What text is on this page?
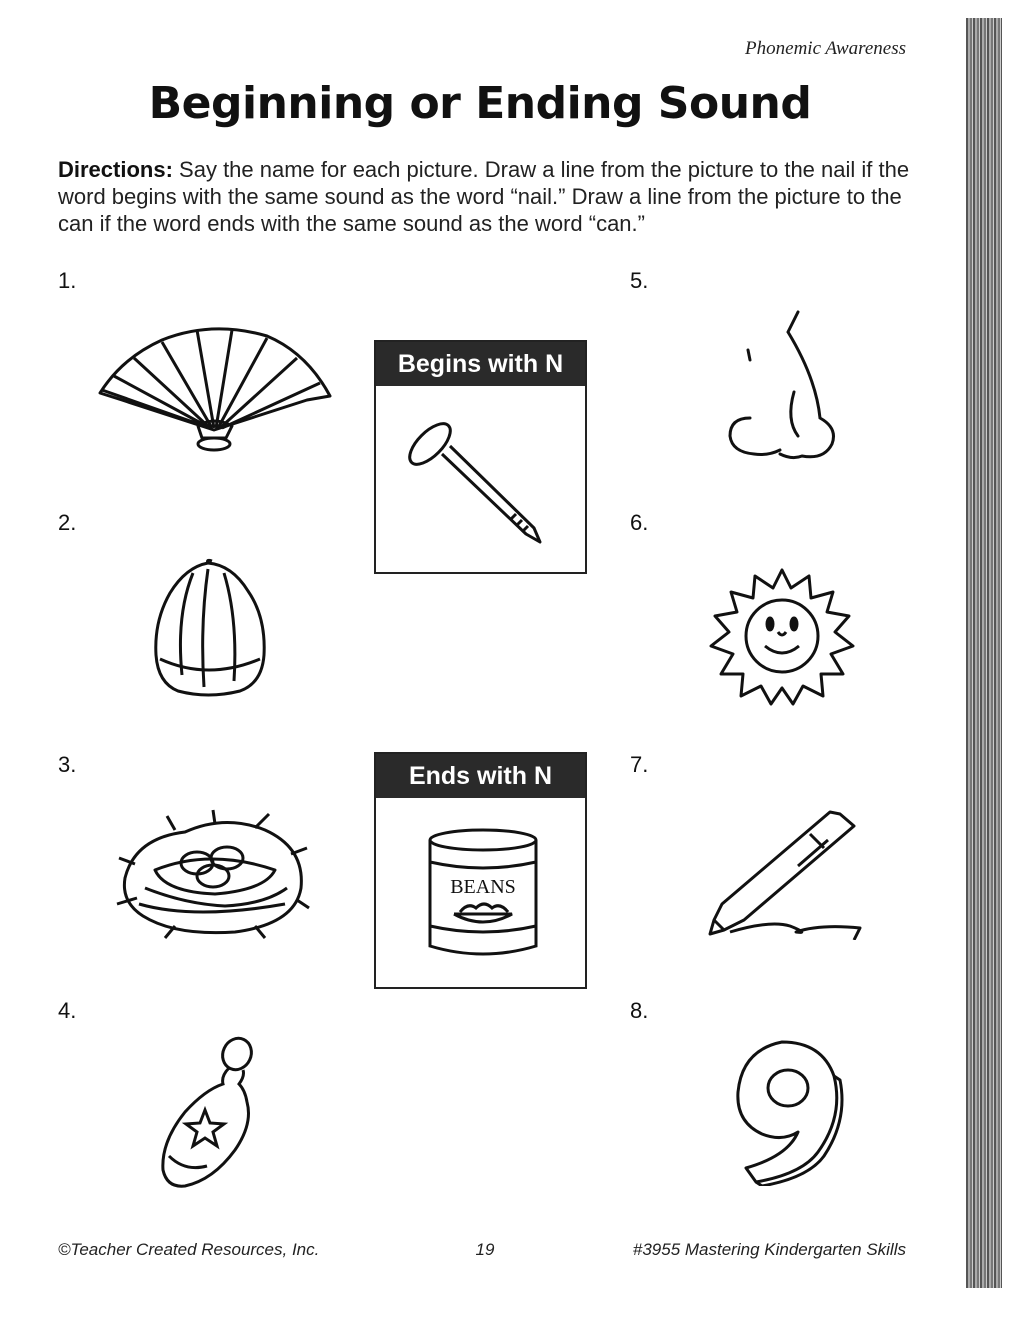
Phonemic Awareness
Beginning or Ending Sound
Directions: Say the name for each picture. Draw a line from the picture to the nail if the word begins with the same sound as the word “nail.” Draw a line from the picture to the can if the word ends with the same sound as the word “can.”
1.
2.
3.
4.
5.
6.
7.
8.
Begins with N
Ends with N
BEANS
©Teacher Created Resources, Inc.	19	#3955 Mastering Kindergarten Skills
